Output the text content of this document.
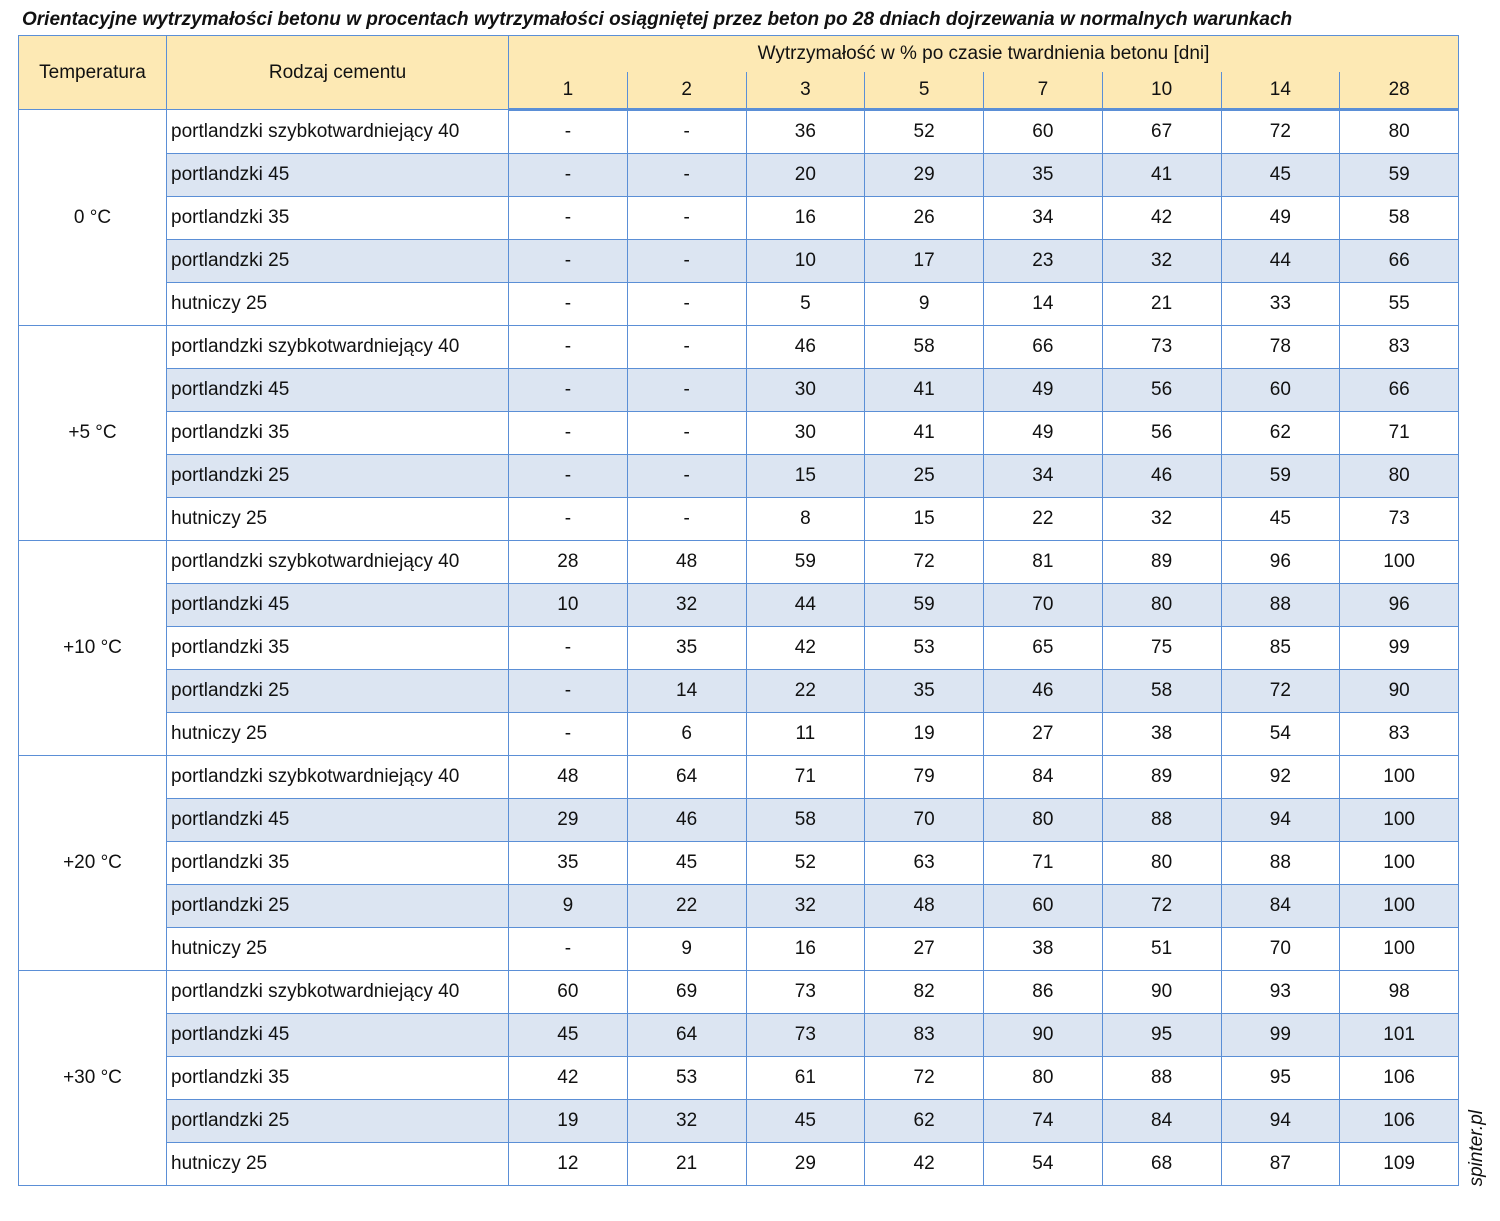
Orientacyjne wytrzymałości betonu w procentach wytrzymałości osiągniętej przez beton po 28 dniach dojrzewania w normalnych warunkach
Temperatura	Rodzaj cementu	Wytrzymałość w % po czasie twardnienia betonu [dni]							
		1	2	3	5	7	10	14	28
0 °C	portlandzki szybkotwardniejący 40	-	-	36	52	60	67	72	80
	portlandzki 45	-	-	20	29	35	41	45	59
	portlandzki 35	-	-	16	26	34	42	49	58
	portlandzki 25	-	-	10	17	23	32	44	66
	hutniczy 25	-	-	5	9	14	21	33	55
+5 °C	portlandzki szybkotwardniejący 40	-	-	46	58	66	73	78	83
	portlandzki 45	-	-	30	41	49	56	60	66
	portlandzki 35	-	-	30	41	49	56	62	71
	portlandzki 25	-	-	15	25	34	46	59	80
	hutniczy 25	-	-	8	15	22	32	45	73
+10 °C	portlandzki szybkotwardniejący 40	28	48	59	72	81	89	96	100
	portlandzki 45	10	32	44	59	70	80	88	96
	portlandzki 35	-	35	42	53	65	75	85	99
	portlandzki 25	-	14	22	35	46	58	72	90
	hutniczy 25	-	6	11	19	27	38	54	83
+20 °C	portlandzki szybkotwardniejący 40	48	64	71	79	84	89	92	100
	portlandzki 45	29	46	58	70	80	88	94	100
	portlandzki 35	35	45	52	63	71	80	88	100
	portlandzki 25	9	22	32	48	60	72	84	100
	hutniczy 25	-	9	16	27	38	51	70	100
+30 °C	portlandzki szybkotwardniejący 40	60	69	73	82	86	90	93	98
	portlandzki 45	45	64	73	83	90	95	99	101
	portlandzki 35	42	53	61	72	80	88	95	106
	portlandzki 25	19	32	45	62	74	84	94	106
	hutniczy 25	12	21	29	42	54	68	87	109	spinter.pl
